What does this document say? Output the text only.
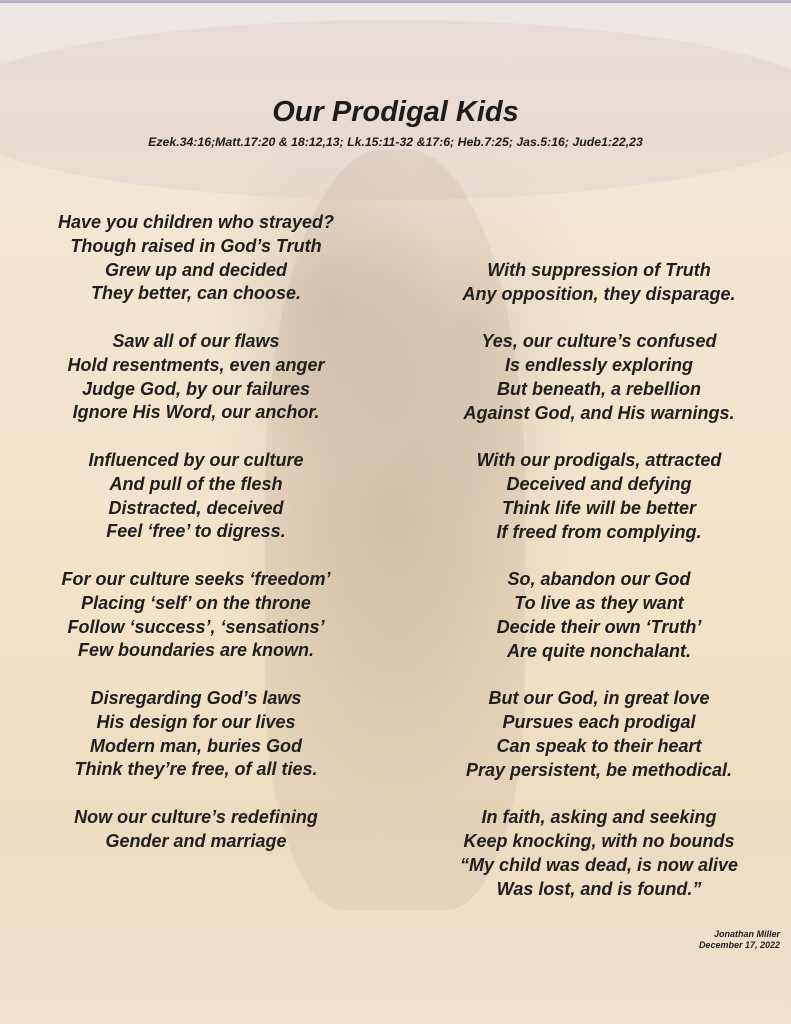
Our Prodigal Kids

Ezek.34:16;Matt.17:20 & 18:12,13; Lk.15:11-32 &17:6; Heb.7:25; Jas.5:16; Jude1:22,23

Have you children who strayed?
Though raised in God’s Truth
Grew up and decided
They better, can choose.

Saw all of our flaws
Hold resentments, even anger
Judge God, by our failures
Ignore His Word, our anchor.

Influenced by our culture
And pull of the flesh
Distracted, deceived
Feel ‘free’ to digress.

For our culture seeks ‘freedom’
Placing ‘self’ on the throne
Follow ‘success’, ‘sensations’
Few boundaries are known.

Disregarding God’s laws
His design for our lives
Modern man, buries God
Think they’re free, of all ties.

Now our culture’s redefining
Gender and marriage

With suppression of Truth
Any opposition, they disparage.

Yes, our culture’s confused
Is endlessly exploring
But beneath, a rebellion
Against God, and His warnings.

With our prodigals, attracted
Deceived and defying
Think life will be better
If freed from complying.

So, abandon our God
To live as they want
Decide their own ‘Truth’
Are quite nonchalant.

But our God, in great love
Pursues each prodigal
Can speak to their heart
Pray persistent, be methodical.

In faith, asking and seeking
Keep knocking, with no bounds
“My child was dead, is now alive
Was lost, and is found.”

Jonathan Miller
December 17, 2022
